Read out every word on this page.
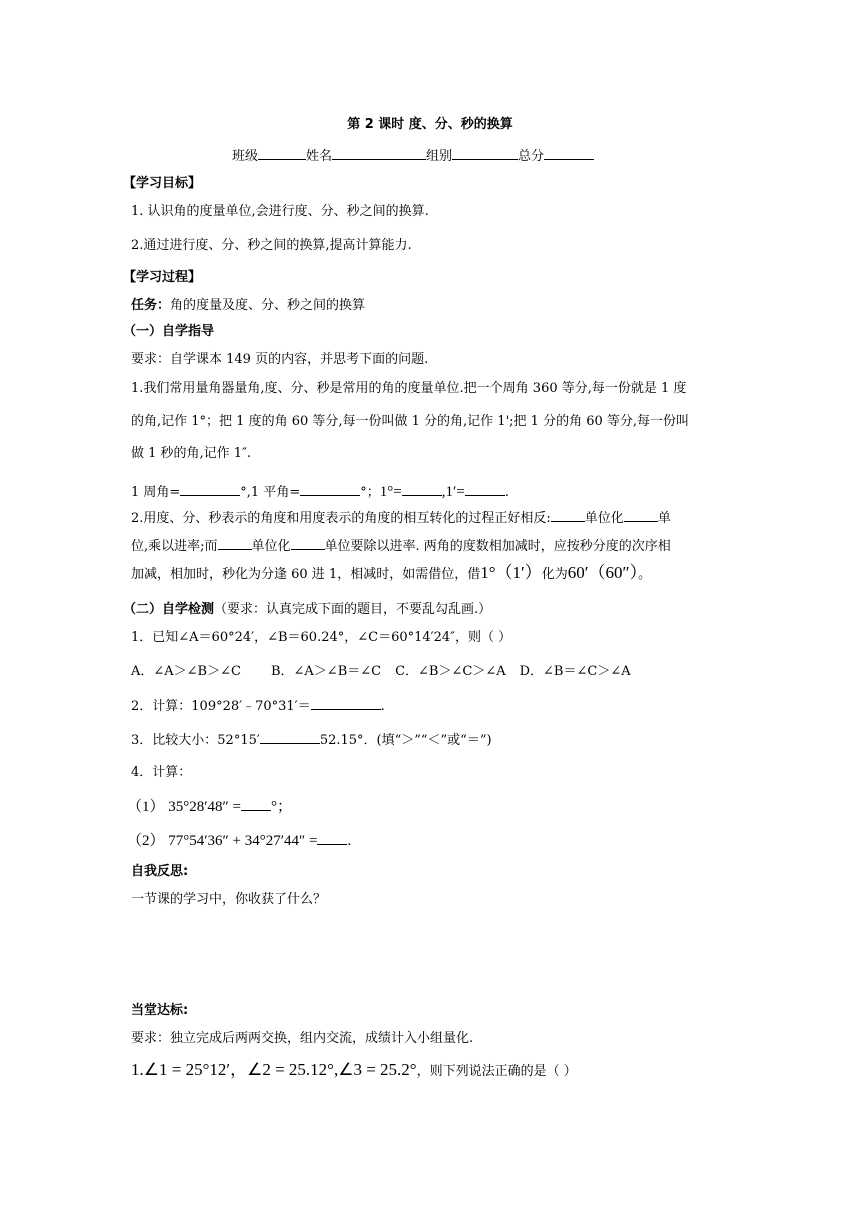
第 2 课时 度、分、秒的换算
班级	姓名	组别	总分
【学习目标】
1. 认识角的度量单位,会进行度、分、秒之间的换算.
2.通过进行度、分、秒之间的换算,提高计算能力.
【学习过程】
任务：角的度量及度、分、秒之间的换算
（一）自学指导
要求：自学课本 149 页的内容，并思考下面的问题.
1.我们常用量角器量角,度、分、秒是常用的角的度量单位.把一个周角 360 等分,每一份就是 1 度
的角,记作 1°；把 1 度的角 60 等分,每一份叫做 1 分的角,记作 1';把 1 分的角 60 等分,每一份叫
做 1 秒的角,记作 1″.
1 周角=	°,1 平角=	°；1°=	,1′=	.
2.用度、分、秒表示的角度和用度表示的角度的相互转化的过程正好相反:	单位化	单
位,乘以进率;而	单位化	单位要除以进率. 两角的度数相加减时，应按秒分度的次序相
加减，相加时，秒化为分逢 60 进 1，相减时，如需借位，借1°（1′）化为60′（60″）。
（二）自学检测（要求：认真完成下面的题目，不要乱勾乱画.）
1．已知∠A＝60°24′，∠B＝60.24°，∠C＝60°14′24″，则（ ）
A．∠A＞∠B＞∠C B．∠A＞∠B＝∠C C．∠B＞∠C＞∠A D．∠B＝∠C＞∠A
2．计算：109°28′﹣70°31′＝	.
3．比较大小：52°15′	52.15°．(填“＞”“＜”或“＝”)
4．计算：
（1） 35°28′48″ = °；
（2） 77°54′36″ + 34°27′44″ = .
自我反思:
一节课的学习中，你收获了什么？
当堂达标:
要求：独立完成后两两交换，组内交流，成绩计入小组量化.
1.∠1 = 25°12′，∠2 = 25.12°,∠3 = 25.2°，则下列说法正确的是（ ）
